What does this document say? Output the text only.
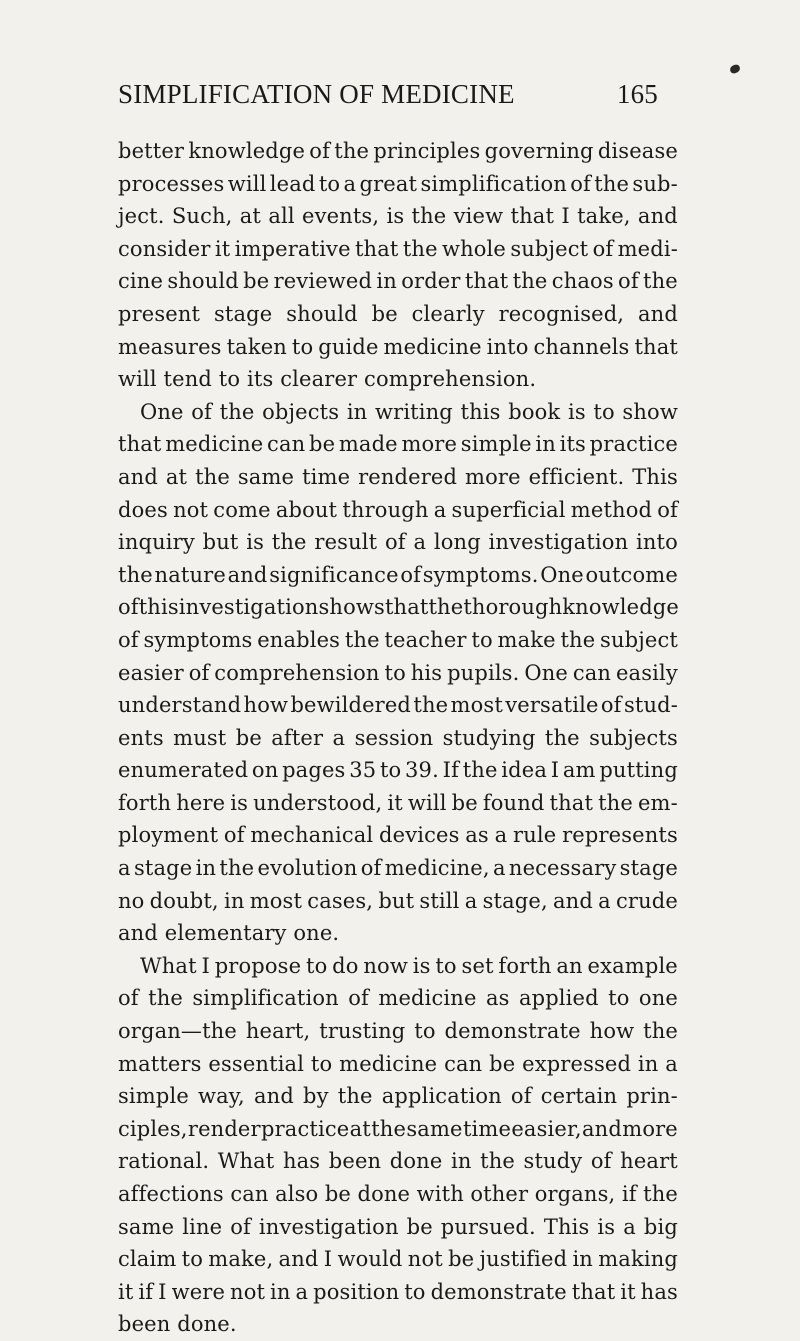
SIMPLIFICATION OF MEDICINE	165
better knowledge of the principles governing disease
processes will lead to a great simplification of the sub-
ject. Such, at all events, is the view that I take, and
consider it imperative that the whole subject of medi-
cine should be reviewed in order that the chaos of the
present stage should be clearly recognised, and
measures taken to guide medicine into channels that
will tend to its clearer comprehension.
One of the objects in writing this book is to show
that medicine can be made more simple in its practice
and at the same time rendered more efficient. This
does not come about through a superficial method of
inquiry but is the result of a long investigation into
the nature and significance of symptoms. One outcome
of this investigation shows that the thorough knowledge
of symptoms enables the teacher to make the subject
easier of comprehension to his pupils. One can easily
understand how bewildered the most versatile of stud-
ents must be after a session studying the subjects
enumerated on pages 35 to 39. If the idea I am putting
forth here is understood, it will be found that the em-
ployment of mechanical devices as a rule represents
a stage in the evolution of medicine, a necessary stage
no doubt, in most cases, but still a stage, and a crude
and elementary one.
What I propose to do now is to set forth an example
of the simplification of medicine as applied to one
organ—the heart, trusting to demonstrate how the
matters essential to medicine can be expressed in a
simple way, and by the application of certain prin-
ciples, render practice at the same time easier, and more
rational. What has been done in the study of heart
affections can also be done with other organs, if the
same line of investigation be pursued. This is a big
claim to make, and I would not be justified in making
it if I were not in a position to demonstrate that it has
been done.
